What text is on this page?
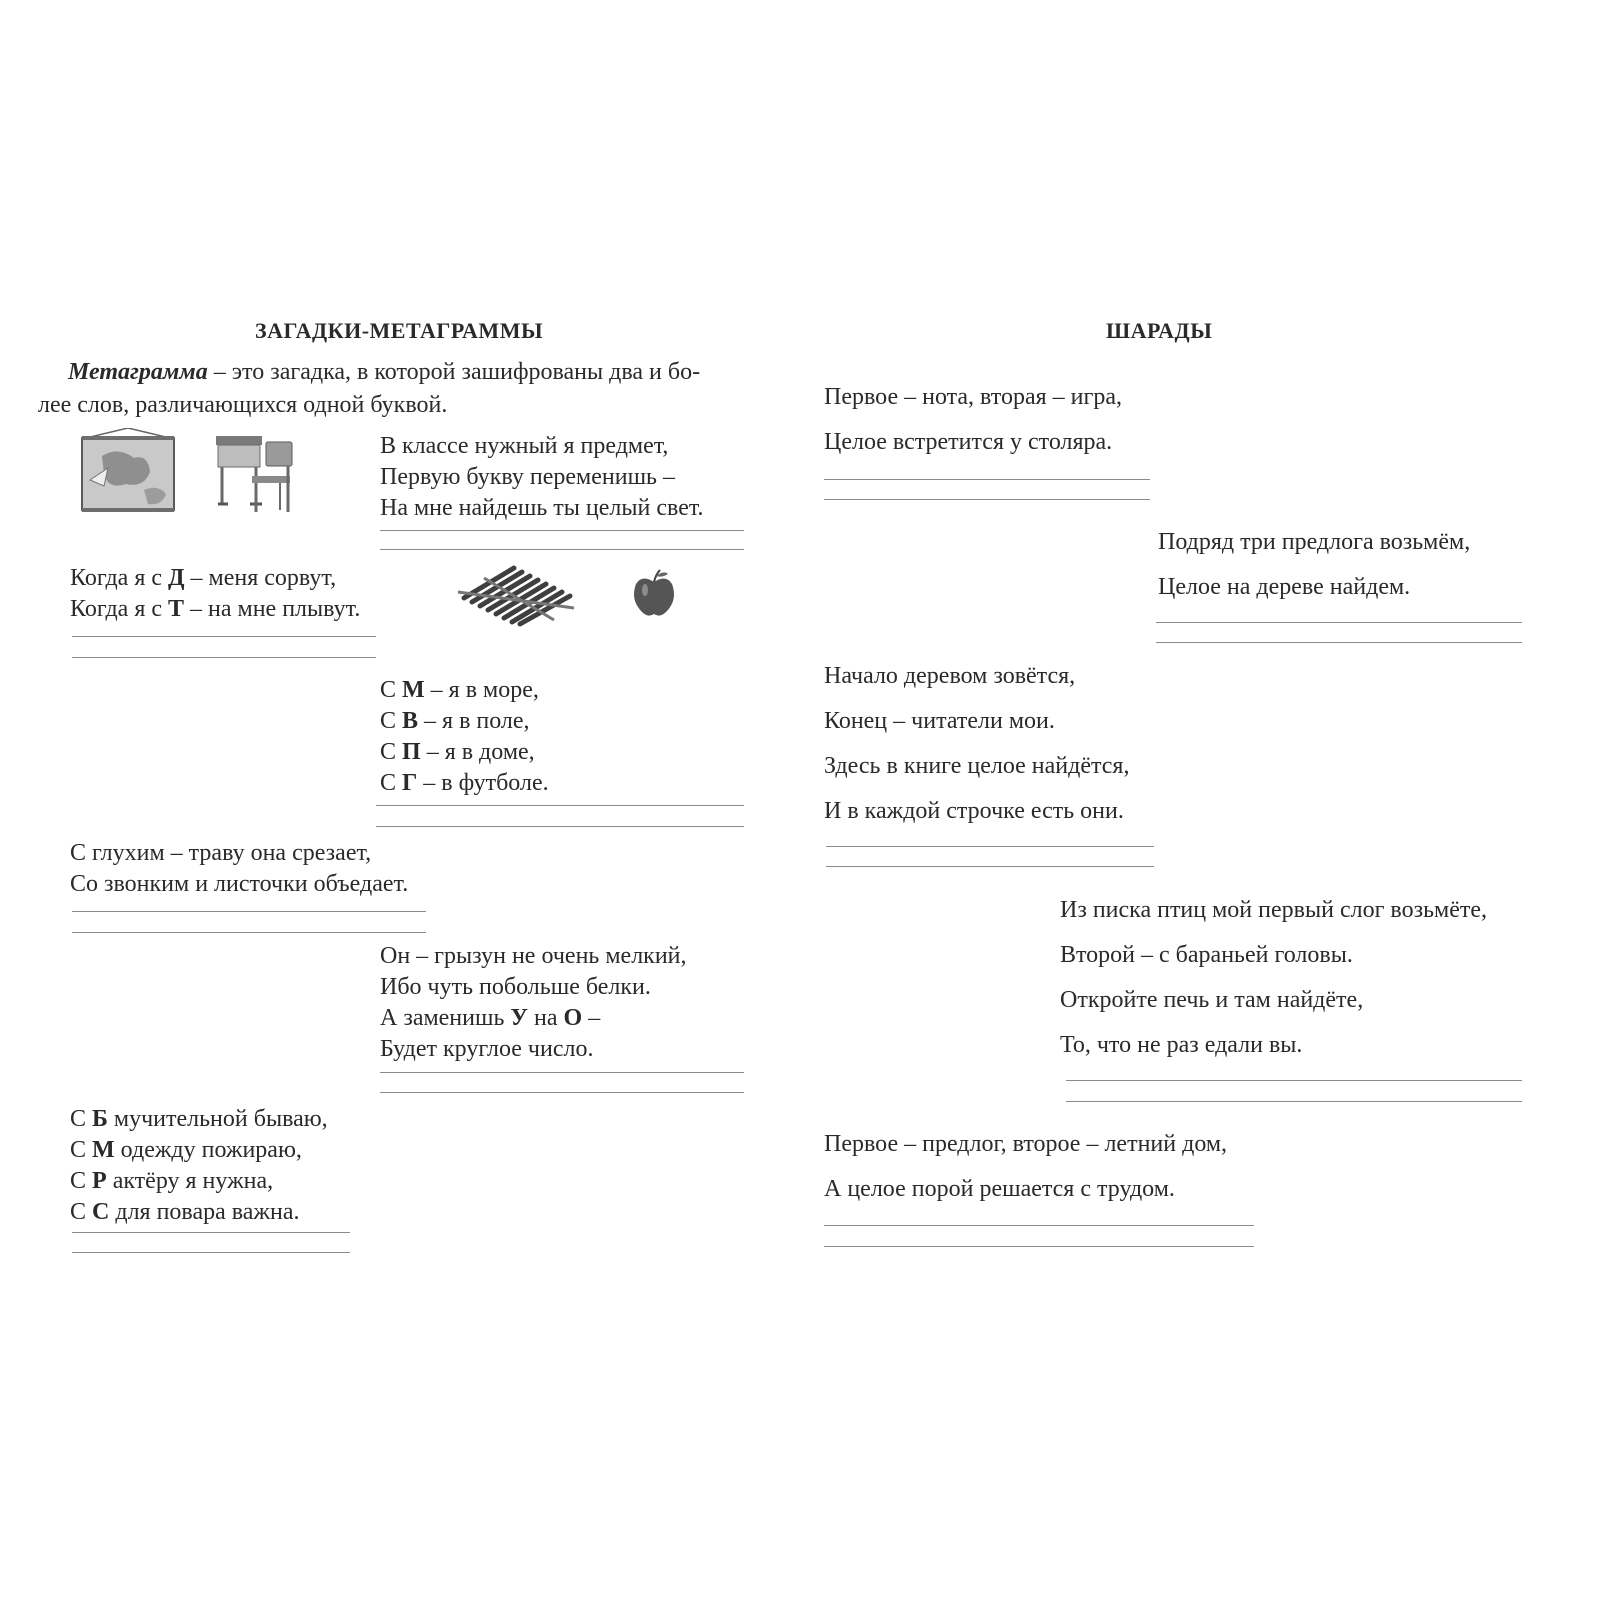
ЗАГАДКИ-МЕТАГРАММЫ
Метаграмма – это загадка, в которой зашифрованы два и бо-
лее слов, различающихся одной буквой.
В классе нужный я предмет,
Первую букву переменишь –
На мне найдешь ты целый свет.
Когда я с Д – меня сорвут,
Когда я с Т – на мне плывут.
С М – я в море,
С В – я в поле,
С П – я в доме,
С Г – в футболе.
С глухим – траву она срезает,
Со звонким и листочки объедает.
Он – грызун не очень мелкий,
Ибо чуть побольше белки.
А заменишь У на О –
Будет круглое число.
С Б мучительной бываю,
С М одежду пожираю,
С Р актёру я нужна,
С С для повара важна.
ШАРАДЫ
Первое – нота, вторая – игра,
Целое встретится у столяра.
Подряд три предлога возьмём,
Целое на дереве найдем.
Начало деревом зовётся,
Конец – читатели мои.
Здесь в книге целое найдётся,
И в каждой строчке есть они.
Из писка птиц мой первый слог возьмёте,
Второй – с бараньей головы.
Откройте печь и там найдёте,
То, что не раз едали вы.
Первое – предлог, второе – летний дом,
А целое порой решается с трудом.
